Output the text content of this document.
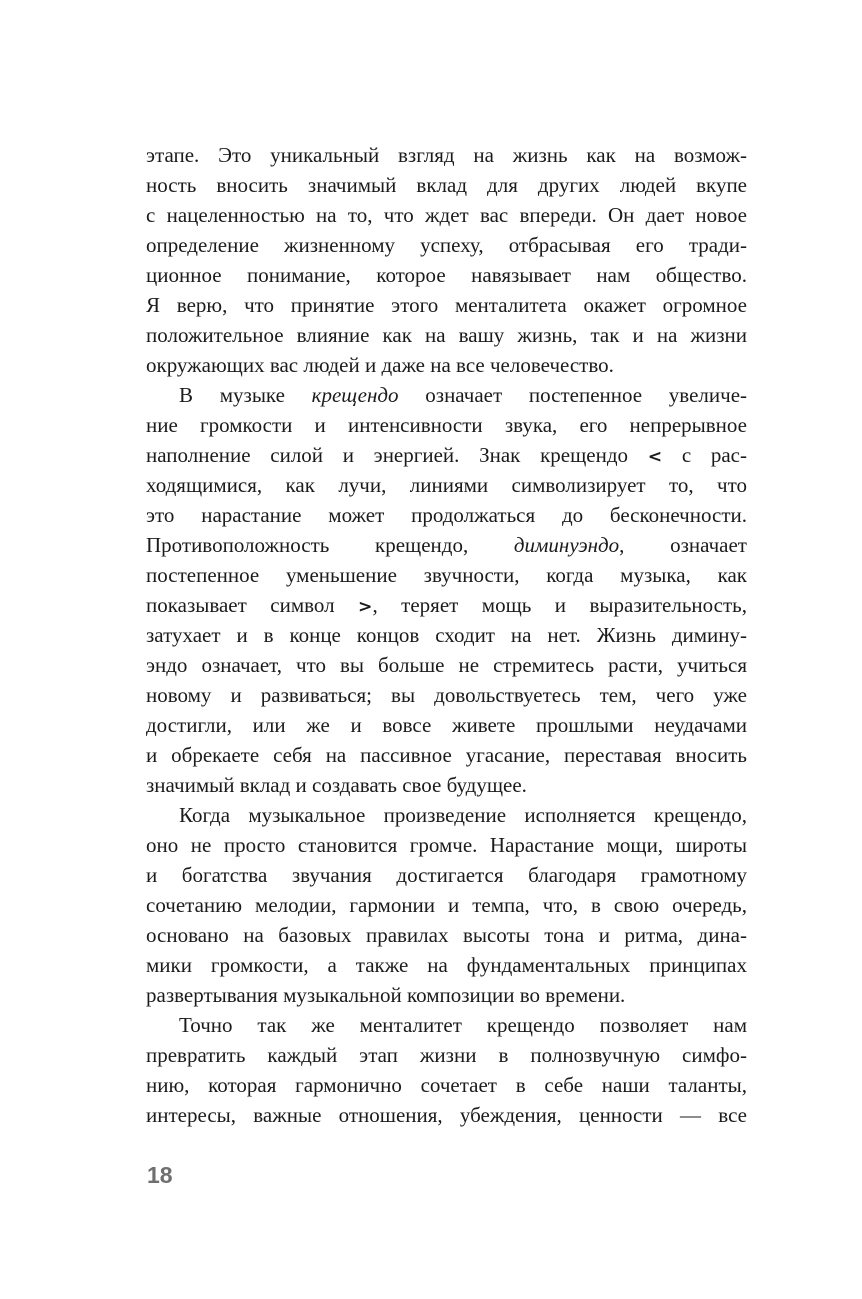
этапе. Это уникальный взгляд на жизнь как на возмож-
ность вносить значимый вклад для других людей вкупе
с нацеленностью на то, что ждет вас впереди. Он дает новое
определение жизненному успеху, отбрасывая его тради-
ционное понимание, которое навязывает нам общество.
Я верю, что принятие этого менталитета окажет огромное
положительное влияние как на вашу жизнь, так и на жизни
окружающих вас людей и даже на все человечество.
В музыке крещендо означает постепенное увеличе-
ние громкости и интенсивности звука, его непрерывное
наполнение силой и энергией. Знак крещендо < с рас-
ходящимися, как лучи, линиями символизирует то, что
это нарастание может продолжаться до бесконечности.
Противоположность крещендо, диминуэндо, означает
постепенное уменьшение звучности, когда музыка, как
показывает символ >, теряет мощь и выразительность,
затухает и в конце концов сходит на нет. Жизнь димину-
эндо означает, что вы больше не стремитесь расти, учиться
новому и развиваться; вы довольствуетесь тем, чего уже
достигли, или же и вовсе живете прошлыми неудачами
и обрекаете себя на пассивное угасание, переставая вносить
значимый вклад и создавать свое будущее.
Когда музыкальное произведение исполняется крещендо,
оно не просто становится громче. Нарастание мощи, широты
и богатства звучания достигается благодаря грамотному
сочетанию мелодии, гармонии и темпа, что, в свою очередь,
основано на базовых правилах высоты тона и ритма, дина-
мики громкости, а также на фундаментальных принципах
развертывания музыкальной композиции во времени.
Точно так же менталитет крещендо позволяет нам
превратить каждый этап жизни в полнозвучную симфо-
нию, которая гармонично сочетает в себе наши таланты,
интересы, важные отношения, убеждения, ценности — все
18
